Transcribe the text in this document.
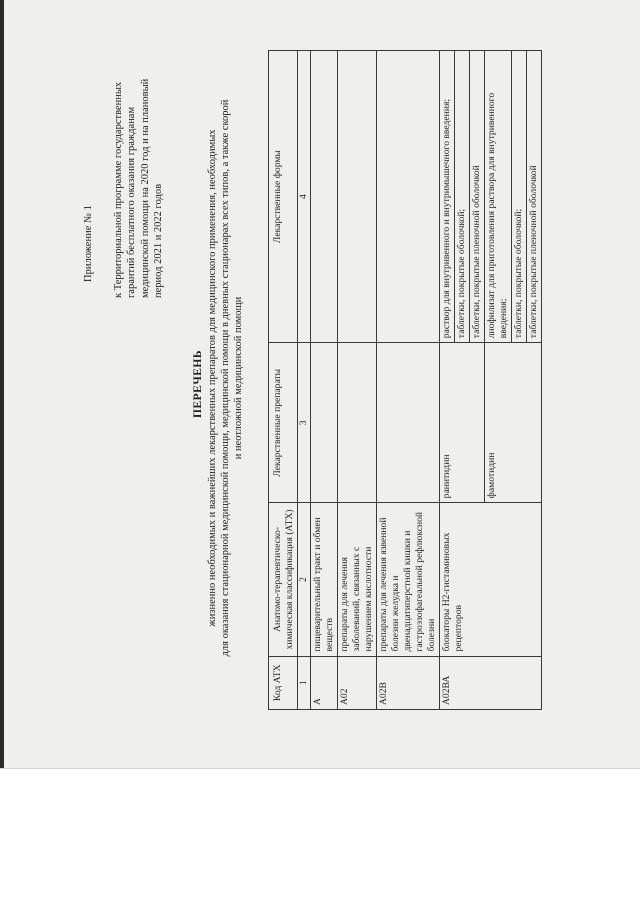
Приложение № 1 к Территориальной программе государственных гарантий бесплатного оказания гражданам медицинской помощи на 2020 год и на плановый период 2021 и 2022 годов
ПЕРЕЧЕНЬ жизненно необходимых и важнейших лекарственных препаратов для медицинского применения, необходимых для оказания стационарной медицинской помощи, медицинской помощи в дневных стационарах всех типов, а также скорой и неотложной медицинской помощи
Код АТХ	Анатомо-терапевтическо-химическая классификация (АТХ)	Лекарственные препараты	Лекарственные формы
1	2	3	4
А	пищеварительный тракт и обмен веществ		
А02	препараты для лечения заболеваний, связанных с нарушением кислотности		
А02В	препараты для лечения язвенной болезни желудка и двенадцатиперстной кишки и гастроэзофагеальной рефлюксной болезни		
А02ВА	блокаторы Н2-гистаминовых рецепторов	ранитидин	раствор для внутривенного и внутримышечного введения; таблетки, покрытые оболочкой; таблетки, покрытые пленочной оболочкой

		фамотидин	лиофилизат для приготовления раствора для внутривенного введения; таблетки, покрытые оболочкой; таблетки, покрытые пленочной оболочкой
